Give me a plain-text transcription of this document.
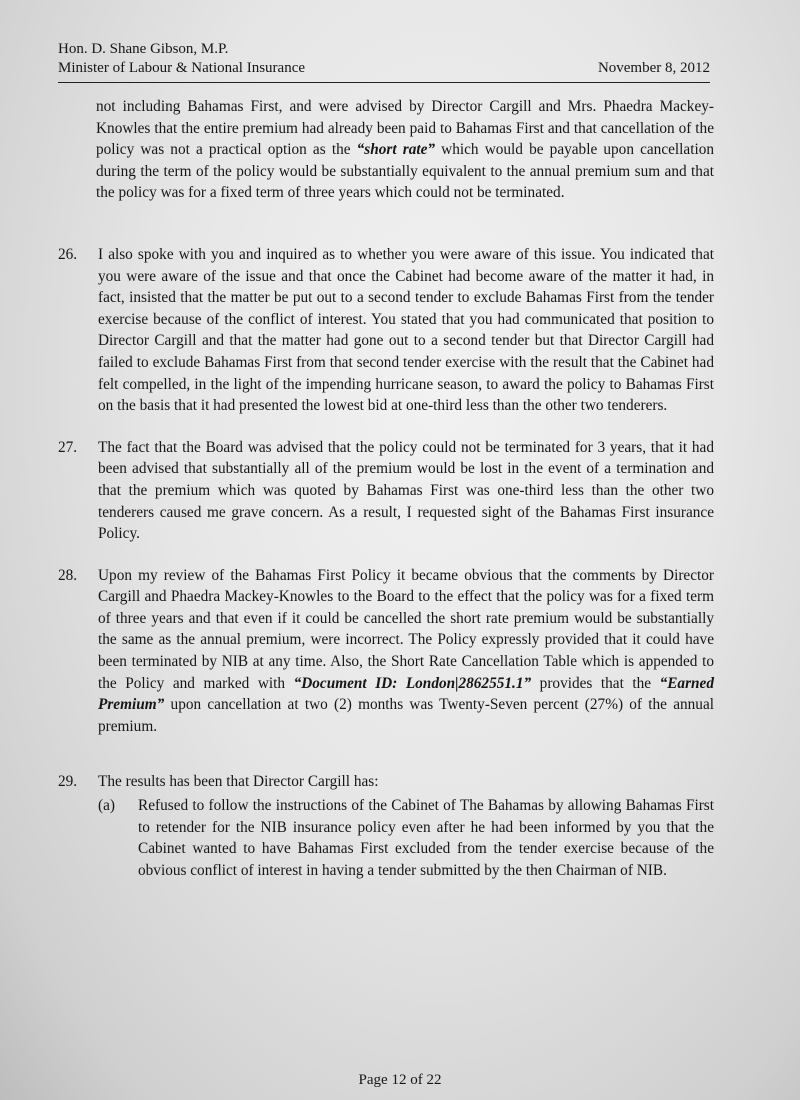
Hon. D. Shane Gibson, M.P.
Minister of Labour & National Insurance	November 8, 2012

not including Bahamas First, and were advised by Director Cargill and Mrs. Phaedra Mackey-Knowles that the entire premium had already been paid to Bahamas First and that cancellation of the policy was not a practical option as the “short rate” which would be payable upon cancellation during the term of the policy would be substantially equivalent to the annual premium sum and that the policy was for a fixed term of three years which could not be terminated.

26.	I also spoke with you and inquired as to whether you were aware of this issue. You indicated that you were aware of the issue and that once the Cabinet had become aware of the matter it had, in fact, insisted that the matter be put out to a second tender to exclude Bahamas First from the tender exercise because of the conflict of interest. You stated that you had communicated that position to Director Cargill and that the matter had gone out to a second tender but that Director Cargill had failed to exclude Bahamas First from that second tender exercise with the result that the Cabinet had felt compelled, in the light of the impending hurricane season, to award the policy to Bahamas First on the basis that it had presented the lowest bid at one-third less than the other two tenderers.
27.	The fact that the Board was advised that the policy could not be terminated for 3 years, that it had been advised that substantially all of the premium would be lost in the event of a termination and that the premium which was quoted by Bahamas First was one-third less than the other two tenderers caused me grave concern. As a result, I requested sight of the Bahamas First insurance Policy.
28.	Upon my review of the Bahamas First Policy it became obvious that the comments by Director Cargill and Phaedra Mackey-Knowles to the Board to the effect that the policy was for a fixed term of three years and that even if it could be cancelled the short rate premium would be substantially the same as the annual premium, were incorrect. The Policy expressly provided that it could have been terminated by NIB at any time. Also, the Short Rate Cancellation Table which is appended to the Policy and marked with “Document ID: London|2862551.1” provides that the “Earned Premium” upon cancellation at two (2) months was Twenty-Seven percent (27%) of the annual premium.
29.	The results has been that Director Cargill has:
(a) Refused to follow the instructions of the Cabinet of The Bahamas by allowing Bahamas First to retender for the NIB insurance policy even after he had been informed by you that the Cabinet wanted to have Bahamas First excluded from the tender exercise because of the obvious conflict of interest in having a tender submitted by the then Chairman of NIB.
Page 12 of 22
